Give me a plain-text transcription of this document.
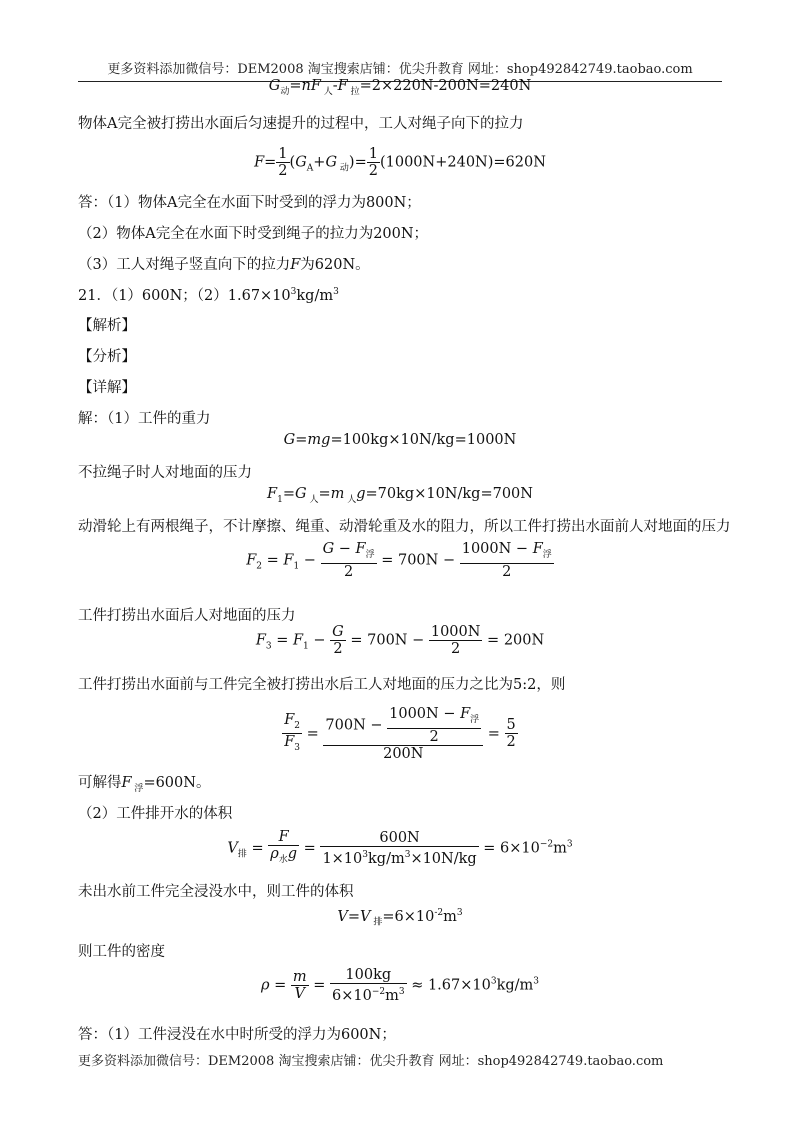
更多资料添加微信号：DEM2008 淘宝搜索店铺：优尖升教育 网址：shop492842749.taobao.com
$G_动=nF$ $_人$-F $_拉$=2×220N-200N=240N
物体A完全被打捞出水面后匀速提升的过程中，工人对绳子向下的拉力
$F= \frac{1}{2} (G_A+G$ $_动)= \frac{1}{2} (1000N+240N)=620N$
答：（1）物体A完全在水面下时受到的浮力为800N；
（2）物体A完全在水面下时受到绳子的拉力为200N；
（3）工人对绳子竖直向下的拉力F为620N。
21．（1）600N；$(2)1.67\times 10^3kg/m^3$
【解析】
【分析】
【详解】
解：（1）工件的重力
G=mg=100kg×10N/kg=1000N
不拉绳子时人对地面的压力
$F_1=G$ $_人$=m $_人$g=70kg×10N/kg=700N
动滑轮上有两根绳子，不计摩擦、绳重、动滑轮重及水的阻力，所以工件打捞出水面前人对地面的压力
$F_2 = F_1 - \frac{G - F_浮}{2} = 700N - \frac{1000N - F_浮}{2}$
工件打捞出水面后人对地面的压力
$F_3 = F_1 - \frac{G}{2} = 700N - \frac{1000N}{2} = 200N$
工件打捞出水面前与工件完全被打捞出水后工人对地面的压力之比为5:2，则
$\frac{F_2}{F_3} = \frac{700N - \frac{1000N - F_浮}{2}}{200N} = \frac{5}{2}$
可解得F $_浮$=600N。
（2）工件排开水的体积
$V_排 = \frac{F}{\rho_水g} = \frac{600N}{1\times 10^3kg/m^3\times 10N/kg} = 6\times 10^{-2}m^3$
未出水前工件完全浸没水中，则工件的体积
V=V $_排=6\times 10^{-2}m^3$
则工件的密度
$\rho = \frac{m}{V} = \frac{100kg}{6\times 10^{-2}m^3} \approx 1.67\times 10^3kg/m^3$
答：（1）工件浸没在水中时所受的浮力为600N；
更多资料添加微信号：DEM2008 淘宝搜索店铺：优尖升教育 网址：shop492842749.taobao.com
